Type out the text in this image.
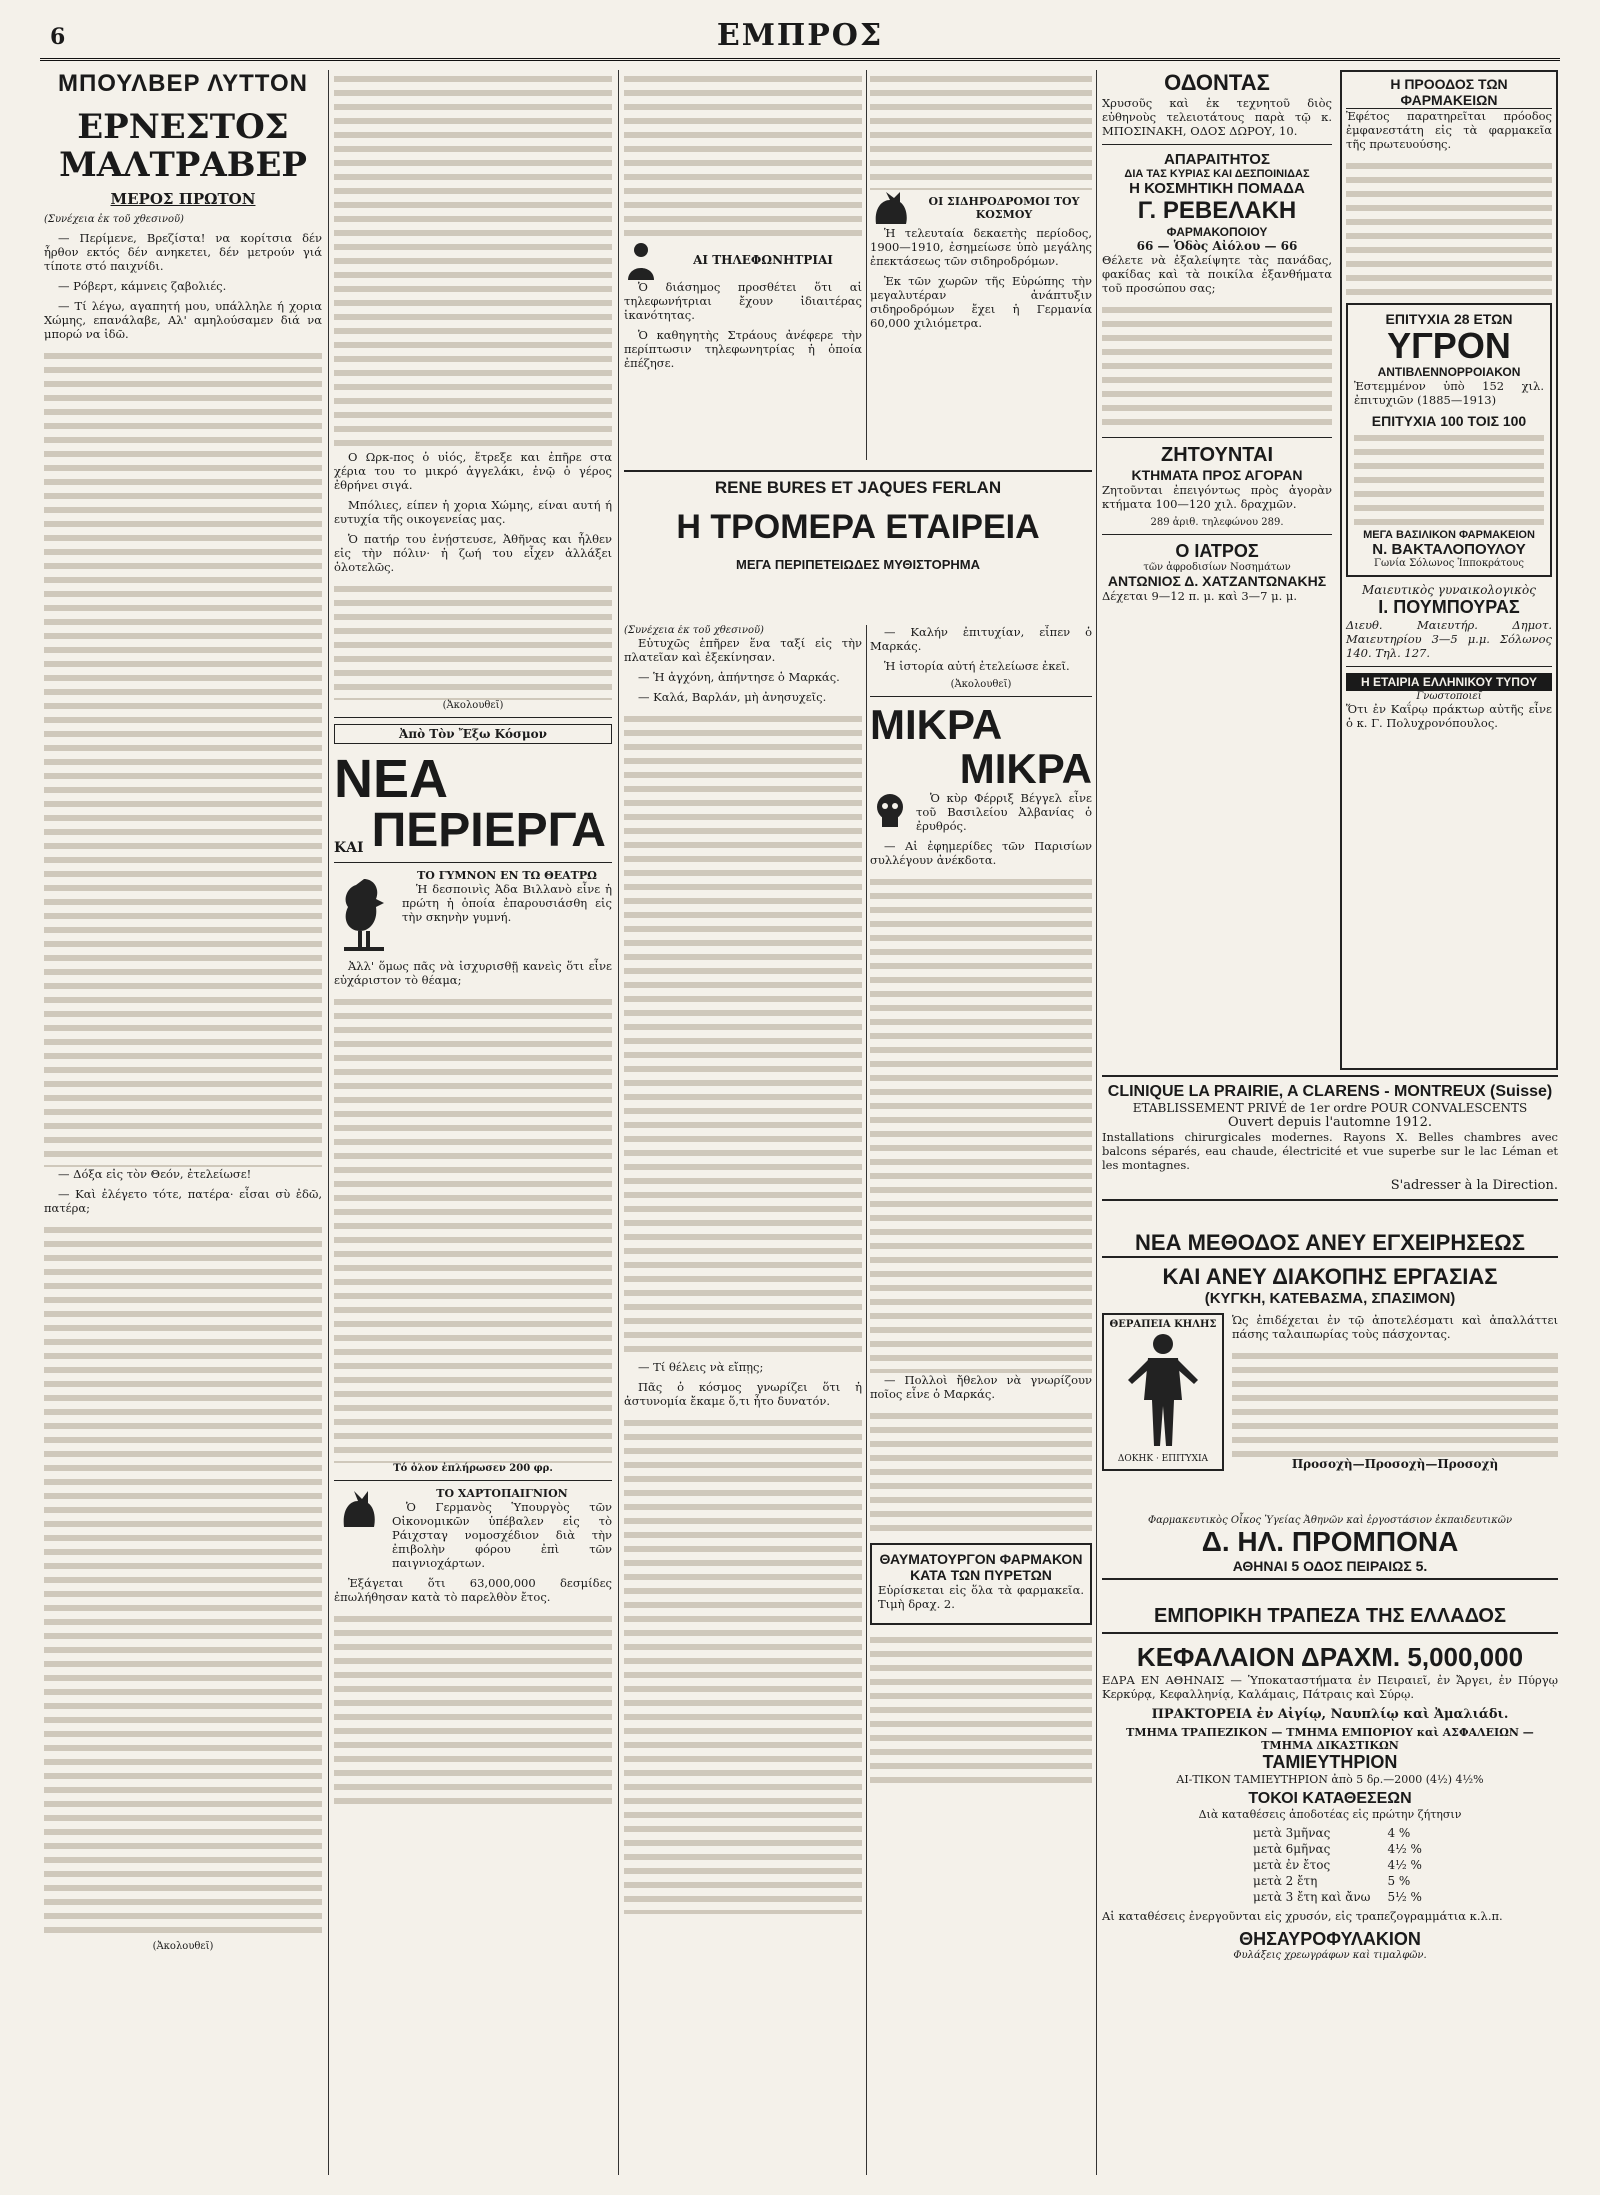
6	ΕΜΠΡΟΣ
ΜΠΟΥΛΒΕΡ ΛΥΤΤΟΝ
ΕΡΝΕΣΤΟΣ ΜΑΛΤΡΑΒΕΡ
ΜΕΡΟΣ ΠΡΩΤΟΝ
(Συνέχεια ἐκ τοῦ χθεσινοῦ)

— Περίμενε, Βρεζίστα! να κορίτσια δέν ἦρθον εκτός δέν ανηκετει, δέν μετρούν γιά τίποτε στό παιχνίδι.

— Ρόβερτ, κάμνεις ζαβολιές.

— Τί λέγω, αγαπητή μου, υπάλληλε ή χορια Χώμης, επανάλαβε, Αλ' αμηλούσαμεν διά να μπορώ να ἰδῶ.

— Δόξα εἰς τὸν Θεόν, ἐτελείωσε!

— Καὶ ἐλέγετο τότε, πατέρα· εἶσαι σὺ ἐδῶ, πατέρα;

(Ἀκολουθεῖ)

Ο Ωρκ-πος ὁ υἱός, ἔτρεξε και ἐπῆρε στα χέρια του το μικρό ἀγγελάκι, ἐνῷ ὁ γέρος ἐθρήνει σιγά.

Μπόλιες, είπεν ἡ χορια Χώμης, είναι αυτή ή ευτυχία τῆς οικογενείας μας.

Ὁ πατήρ του ἐνῄστευσε, Ἀθῆνας και ἦλθεν εἰς τὴν πόλιν· ἡ ζωή του εἶχεν ἀλλάξει ὁλοτελῶς.

(Ἀκολουθεῖ)
Ἀπὸ Τὸν Ἔξω Κόσμον
ΝΕΑ
ΚΑΙ ΠΕΡΙΕΡΓΑ
ΤΟ ΓΥΜΝΟΝ ΕΝ ΤΩ ΘΕΑΤΡΩ

Ἡ δεσποινὶς Ἀδα Βιλλανὸ εἶνε ἡ πρώτη ἡ ὁποία ἐπαρουσιάσθη εἰς τὴν σκηνὴν γυμνή.

Ἀλλ' ὅμως πᾶς νὰ ἰσχυρισθῇ κανεὶς ὅτι εἶνε εὐχάριστον τὸ θέαμα;

Τό ὁλον ἐπλήρωσεν 200 φρ.
ΤΟ ΧΑΡΤΟΠΑΙΓΝΙΟΝ

Ὁ Γερμανὸς Ὑπουργὸς τῶν Οἰκονομικῶν ὑπέβαλεν εἰς τὸ Ράιχσταγ νομοσχέδιον διὰ τὴν ἐπιβολὴν φόρου ἐπὶ τῶν παιγνιοχάρτων.

Ἐξάγεται ὅτι 63,000,000 δεσμίδες ἐπωλήθησαν κατὰ τὸ παρελθὸν ἔτος.

ΑΙ ΤΗΛΕΦΩΝΗΤΡΙΑΙ

Ὁ διάσημος προσθέτει ὅτι αἱ τηλεφωνήτριαι ἔχουν ἰδιαιτέρας ἱκανότητας.

Ὁ καθηγητὴς Στράους ἀνέφερε τὴν περίπτωσιν τηλεφωνητρίας ἡ ὁποία ἐπέζησε.

ΟΙ ΣΙΔΗΡΟΔΡΟΜΟΙ ΤΟΥ ΚΟΣΜΟΥ

Ἡ τελευταία δεκαετὴς περίοδος, 1900—1910, ἐσημείωσε ὑπὸ μεγάλης ἐπεκτάσεως τῶν σιδηροδρόμων.

Ἐκ τῶν χωρῶν τῆς Εὐρώπης τὴν μεγαλυτέραν ἀνάπτυξιν σιδηροδρόμων ἔχει ἡ Γερμανία 60,000 χιλιόμετρα.

RENE BURES ET JAQUES FERLAN
Η ΤΡΟΜΕΡΑ ΕΤΑΙΡΕΙΑ
ΜΕΓΑ ΠΕΡΙΠΕΤΕΙΩΔΕΣ ΜΥΘΙΣΤΟΡΗΜΑ
(Συνέχεια ἐκ τοῦ χθεσινοῦ)

Εὐτυχῶς ἐπῆρεν ἕνα ταξί εἰς τὴν πλατεῖαν καὶ ἐξεκίνησαν.

— Ἡ ἀγχόνη, ἀπήντησε ὁ Μαρκάς.

— Καλά, Βαρλάν, μὴ ἀνησυχεῖς.

— Τί θέλεις νὰ εἴπῃς;

Πᾶς ὁ κόσμος γνωρίζει ὅτι ἡ ἀστυνομία ἔκαμε ὅ,τι ἦτο δυνατόν.

— Καλήν ἐπιτυχίαν, εἶπεν ὁ Μαρκάς.

Ἡ ἱστορία αὐτή ἐτελείωσε ἐκεῖ.

(Ἀκολουθεῖ)
ΜΙΚΡΑ
ΜΙΚΡΑ

Ὁ κὺρ Φέρριξ Βέγγελ εἶνε τοῦ Βασιλείου Ἀλβανίας ὁ ἐρυθρός.

— Αἱ ἐφημερίδες τῶν Παρισίων συλλέγουν ἀνέκδοτα.

— Πολλοὶ ἤθελον νὰ γνωρίζουν ποῖος εἶνε ὁ Μαρκάς.

ΘΑΥΜΑΤΟΥΡΓΟΝ ΦΑΡΜΑΚΟΝ
ΚΑΤΑ ΤΩΝ ΠΥΡΕΤΩΝ

Εὑρίσκεται εἰς ὅλα τὰ φαρμακεῖα. Τιμὴ δραχ. 2.

ΟΔΟΝΤΑΣ

Χρυσοῦς καὶ ἐκ τεχνητοῦ διὸς εὐθηνοὺς τελειοτάτους παρὰ τῷ κ. ΜΠΟΣΙΝΑΚΗ, ΟΔΟΣ ΔΩΡΟΥ, 10.

ΑΠΑΡΑΙΤΗΤΟΣ
ΔΙΑ ΤΑΣ ΚΥΡΙΑΣ ΚΑΙ ΔΕΣΠΟΙΝΙΔΑΣ
Η ΚΟΣΜΗΤΙΚΗ ΠΟΜΑΔΑ
Γ. ΡΕΒΕΛΑΚΗ
ΦΑΡΜΑΚΟΠΟΙΟΥ
66 — Ὁδὸς Αἰόλου — 66

Θέλετε νὰ ἐξαλείψητε τὰς πανάδας, φακίδας καὶ τὰ ποικίλα ἐξανθήματα τοῦ προσώπου σας;

ΖΗΤΟΥΝΤΑΙ
ΚΤΗΜΑΤΑ ΠΡΟΣ ΑΓΟΡΑΝ

Ζητοῦνται ἐπειγόντως πρὸς ἀγορὰν κτήματα 100—120 χιλ. δραχμῶν.

289 ἀριθ. τηλεφώνου 289.
Ο ΙΑΤΡΟΣ
τῶν ἀφροδισίων Νοσημάτων
ΑΝΤΩΝΙΟΣ Δ. ΧΑΤΖΑΝΤΩΝΑΚΗΣ

Δέχεται 9—12 π. μ. καὶ 3—7 μ. μ.

Η ΠΡΟΟΔΟΣ ΤΩΝ ΦΑΡΜΑΚΕΙΩΝ

Ἐφέτος παρατηρεῖται πρόοδος ἐμφανεστάτη εἰς τὰ φαρμακεῖα τῆς πρωτευούσης.

ΕΠΙΤΥΧΙΑ 28 ΕΤΩΝ
ΥΓΡΟΝ
ΑΝΤΙΒΛΕΝΝΟΡΡΟΙΑΚΟΝ

Ἐστεμμένον ὑπὸ 152 χιλ. ἐπιτυχιῶν (1885—1913)

ΕΠΙΤΥΧΙΑ 100 ΤΟΙΣ 100
ΜΕΓΑ ΒΑΣΙΛΙΚΟΝ ΦΑΡΜΑΚΕΙΟΝ
Ν. ΒΑΚΤΑΛΟΠΟΥΛΟΥ
Γωνία Σόλωνος Ἱπποκράτους
Μαιευτικὸς γυναικολογικὸς
Ι. ΠΟΥΜΠΟΥΡΑΣ

Διευθ. Μαιευτήρ. Δημοτ. Μαιευτηρίου 3—5 μ.μ. Σόλωνος 140. Τηλ. 127.

Η ΕΤΑΙΡΙΑ ΕΛΛΗΝΙΚΟΥ ΤΥΠΟΥ
Γνωστοποιεῖ

Ὅτι ἐν Καΐρῳ πράκτωρ αὐτῆς εἶνε ὁ κ. Γ. Πολυχρονόπουλος.

CLINIQUE LA PRAIRIE, A CLARENS - MONTREUX (Suisse)
ETABLISSEMENT PRIVÉ de 1er ordre POUR CONVALESCENTS
Ouvert depuis l'automne 1912.

Installations chirurgicales modernes. Rayons X. Belles chambres avec balcons séparés, eau chaude, électricité et vue superbe sur le lac Léman et les montagnes.

S'adresser à la Direction.
ΝΕΑ ΜΕΘΟΔΟΣ ΑΝΕΥ ΕΓΧΕΙΡΗΣΕΩΣ
ΚΑΙ ΑΝΕΥ ΔΙΑΚΟΠΗΣ ΕΡΓΑΣΙΑΣ
(ΚΥΓΚΗ, ΚΑΤΕΒΑΣΜΑ, ΣΠΑΣΙΜΟΝ)
ΘΕΡΑΠΕΙΑ ΚΗΛΗΣ
ΔΟΚΗΚ · ΕΠΙΤΥΧΙΑ

Ὡς ἐπιδέχεται ἐν τῷ ἀποτελέσματι καὶ ἀπαλλάττει πάσης ταλαιπωρίας τοὺς πάσχοντας.

Προσοχὴ—Προσοχὴ—Προσοχὴ
Φαρμακευτικὸς Οἶκος Ὑγείας Ἀθηνῶν καὶ ἐργοστάσιον ἐκπαιδευτικῶν
Δ. ΗΛ. ΠΡΟΜΠΟΝΑ
ΑΘΗΝΑΙ 5 ΟΔΟΣ ΠΕΙΡΑΙΩΣ 5.
ΕΜΠΟΡΙΚΗ ΤΡΑΠΕΖΑ ΤΗΣ ΕΛΛΑΔΟΣ
ΚΕΦΑΛΑΙΟΝ ΔΡΑΧΜ. 5,000,000

ΕΔΡΑ ΕΝ ΑΘΗΝΑΙΣ — Ὑποκαταστήματα ἐν Πειραιεῖ, ἐν Ἄργει, ἐν Πύργῳ Κερκύρᾳ, Κεφαλληνίᾳ, Καλάμαις, Πάτραις καὶ Σύρῳ.

ΠΡΑΚΤΟΡΕΙΑ ἐν Αἰγίῳ, Ναυπλίῳ καὶ Ἀμαλιάδι.
ΤΜΗΜΑ ΤΡΑΠΕΖΙΚΟΝ — ΤΜΗΜΑ ΕΜΠΟΡΙΟΥ καὶ ΑΣΦΑΛΕΙΩΝ — ΤΜΗΜΑ ΔΙΚΑΣΤΙΚΩΝ
ΤΑΜΙΕΥΤΗΡΙΟΝ
ΑΙ-ΤΙΚΟΝ ΤΑΜΙΕΥΤΗΡΙΟΝ ἀπὸ 5 δρ.—2000 (4½) 4½%
ΤΟΚΟΙ ΚΑΤΑΘΕΣΕΩΝ
Διὰ καταθέσεις ἀποδοτέας εἰς πρώτην ζήτησιν
μετὰ 3μῆνας	4 %
μετὰ 6μῆνας	4½ %
μετὰ ἐν ἔτος	4½ %
μετὰ 2 ἔτη	5 %
μετὰ 3 ἔτη καὶ ἄνω	5½ %

Αἱ καταθέσεις ἐνεργοῦνται εἰς χρυσόν, εἰς τραπεζογραμμάτια κ.λ.π.

ΘΗΣΑΥΡΟΦΥΛΑΚΙΟΝ
Φυλάξεις χρεωγράφων καὶ τιμαλφῶν.
